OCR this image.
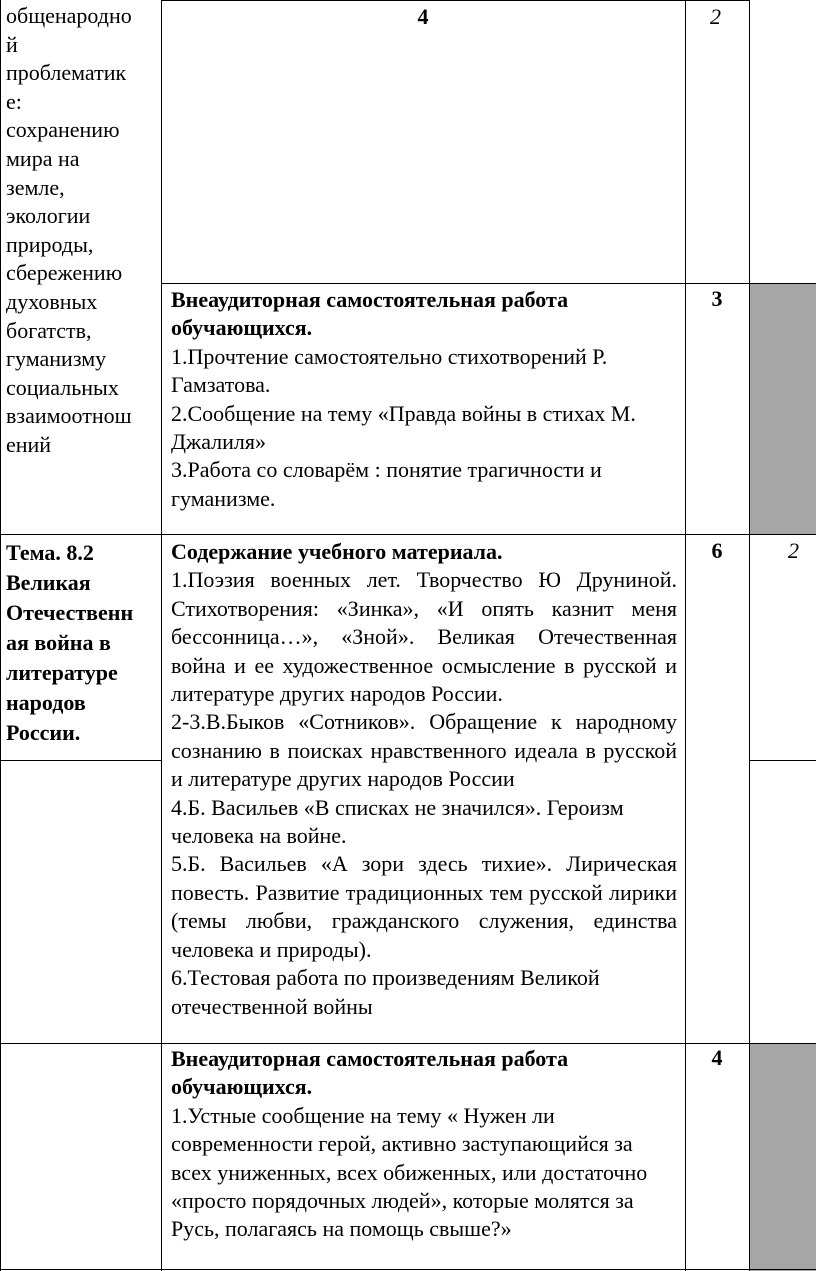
общенародно

й

проблематик

е:

сохранению

мира на

земле,

экологии

природы,

сбережению

духовных

богатств,

гуманизму

социальных

взаимоотнош

ений

4	2

Внеаудиторная самостоятельная работа обучающихся.

1.Прочтение самостоятельно стихотворений Р. Гамзатова.

2.Сообщение на тему «Правда войны в стихах М. Джалиля»

3.Работа со словарём : понятие трагичности и гуманизме.

3

Тема. 8.2

Великая

Отечественн

ая война в

литературе

народов

России.

Содержание учебного материала.

1.Поэзия военных лет. Творчество Ю Друниной. Стихотворения: «Зинка», «И опять казнит меня бессонница…», «Зной». Великая Отечественная война и ее художественное осмысление в русской и литературе других народов России.

2-3.В.Быков «Сотников». Обращение к народному сознанию в поисках нравственного идеала в русской и литературе других народов России

4.Б. Васильев «В списках не значился». Героизм человека на войне.

5.Б. Васильев «А зори здесь тихие». Лирическая повесть. Развитие традиционных тем русской лирики (темы любви, гражданского служения, единства человека и природы).

6.Тестовая работа по произведениям Великой отечественной войны

6	2

Внеаудиторная самостоятельная работа обучающихся.

1.Устные сообщение на тему « Нужен ли современности герой, активно заступающийся за всех униженных, всех обиженных, или достаточно «просто порядочных людей», которые молятся за Русь, полагаясь на помощь свыше?»

4
